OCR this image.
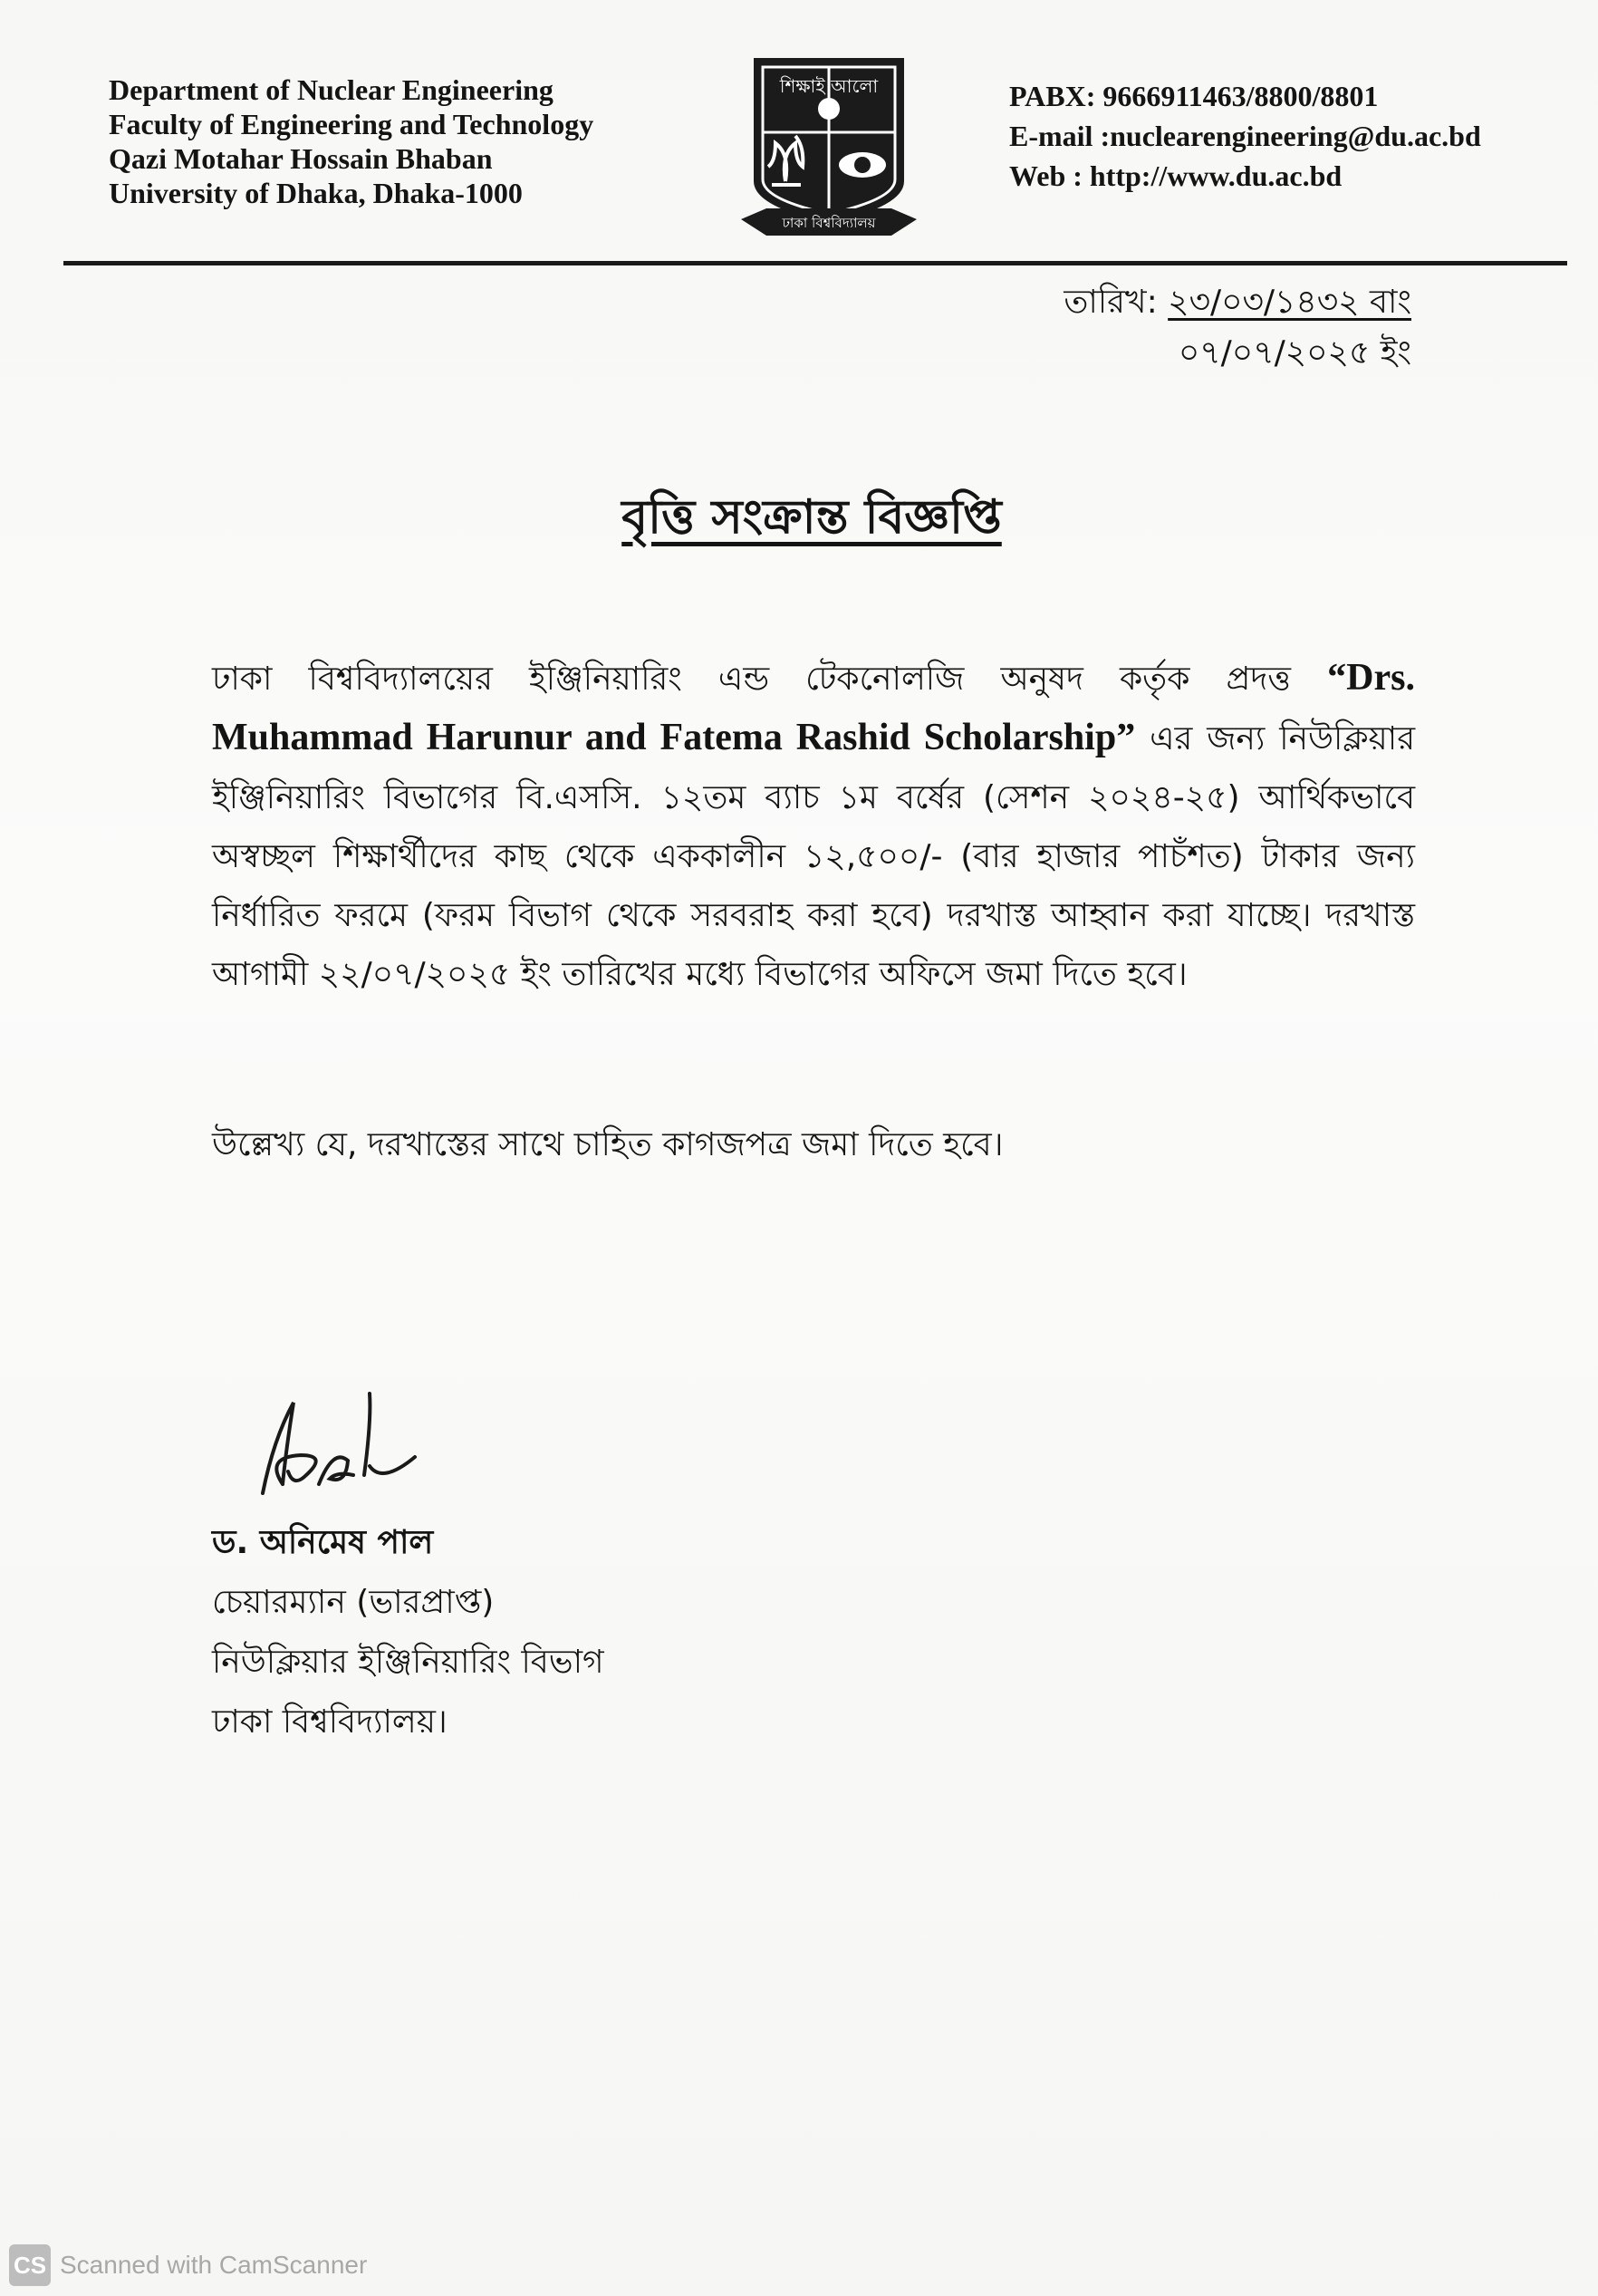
Department of Nuclear Engineering
Faculty of Engineering and Technology
Qazi Motahar Hossain Bhaban
University of Dhaka, Dhaka-1000
শিক্ষাই আলো
ঢাকা বিশ্ববিদ্যালয়
PABX: 9666911463/8800/8801
E-mail :nuclearengineering@du.ac.bd
Web : http://www.du.ac.bd
তারিখ: ২৩/০৩/১৪৩২ বাং
০৭/০৭/২০২৫ ইং
বৃত্তি সংক্রান্ত বিজ্ঞপ্তি
ঢাকা বিশ্ববিদ্যালয়ের ইঞ্জিনিয়ারিং এন্ড টেকনোলজি অনুষদ কর্তৃক প্রদত্ত “Drs. Muhammad Harunur and Fatema Rashid Scholarship” এর জন্য নিউক্লিয়ার ইঞ্জিনিয়ারিং বিভাগের বি.এসসি. ১২তম ব্যাচ ১ম বর্ষের (সেশন ২০২৪-২৫) আর্থিকভাবে অস্বচ্ছল শিক্ষার্থীদের কাছ থেকে এককালীন ১২,৫০০/- (বার হাজার পাচঁশত) টাকার জন্য নির্ধারিত ফরমে (ফরম বিভাগ থেকে সরবরাহ করা হবে) দরখাস্ত আহ্বান করা যাচ্ছে। দরখাস্ত আগামী ২২/০৭/২০২৫ ইং তারিখের মধ্যে বিভাগের অফিসে জমা দিতে হবে।
উল্লেখ্য যে, দরখাস্তের সাথে চাহিত কাগজপত্র জমা দিতে হবে।
ড. অনিমেষ পাল
চেয়ারম্যান (ভারপ্রাপ্ত)
নিউক্লিয়ার ইঞ্জিনিয়ারিং বিভাগ
ঢাকা বিশ্ববিদ্যালয়।
CS Scanned with CamScanner
